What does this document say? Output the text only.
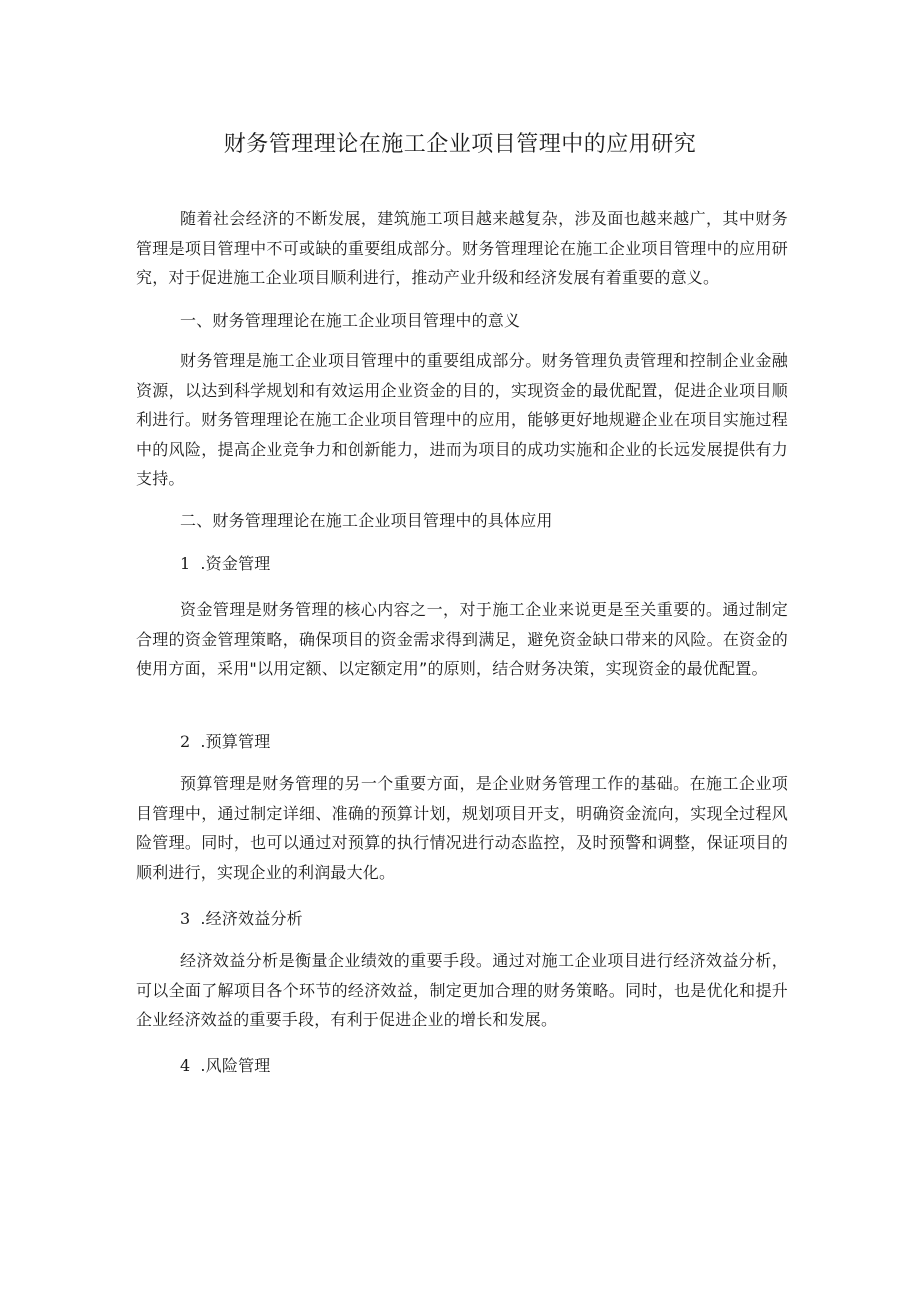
财务管理理论在施工企业项目管理中的应用研究

随着社会经济的不断发展，建筑施工项目越来越复杂，涉及面也越来越广，其中财务管理是项目管理中不可或缺的重要组成部分。财务管理理论在施工企业项目管理中的应用研究，对于促进施工企业项目顺利进行，推动产业升级和经济发展有着重要的意义。

一、财务管理理论在施工企业项目管理中的意义

财务管理是施工企业项目管理中的重要组成部分。财务管理负责管理和控制企业金融资源，以达到科学规划和有效运用企业资金的目的，实现资金的最优配置，促进企业项目顺利进行。财务管理理论在施工企业项目管理中的应用，能够更好地规避企业在项目实施过程中的风险，提高企业竞争力和创新能力，进而为项目的成功实施和企业的长远发展提供有力支持。

二、财务管理理论在施工企业项目管理中的具体应用

1 .资金管理

资金管理是财务管理的核心内容之一，对于施工企业来说更是至关重要的。通过制定合理的资金管理策略，确保项目的资金需求得到满足，避免资金缺口带来的风险。在资金的使用方面，采用"以用定额、以定额定用”的原则，结合财务决策，实现资金的最优配置。

2 .预算管理

预算管理是财务管理的另一个重要方面，是企业财务管理工作的基础。在施工企业项目管理中，通过制定详细、准确的预算计划，规划项目开支，明确资金流向，实现全过程风险管理。同时，也可以通过对预算的执行情况进行动态监控，及时预警和调整，保证项目的顺利进行，实现企业的利润最大化。

3 .经济效益分析

经济效益分析是衡量企业绩效的重要手段。通过对施工企业项目进行经济效益分析，可以全面了解项目各个环节的经济效益，制定更加合理的财务策略。同时，也是优化和提升企业经济效益的重要手段，有利于促进企业的增长和发展。

4 .风险管理
